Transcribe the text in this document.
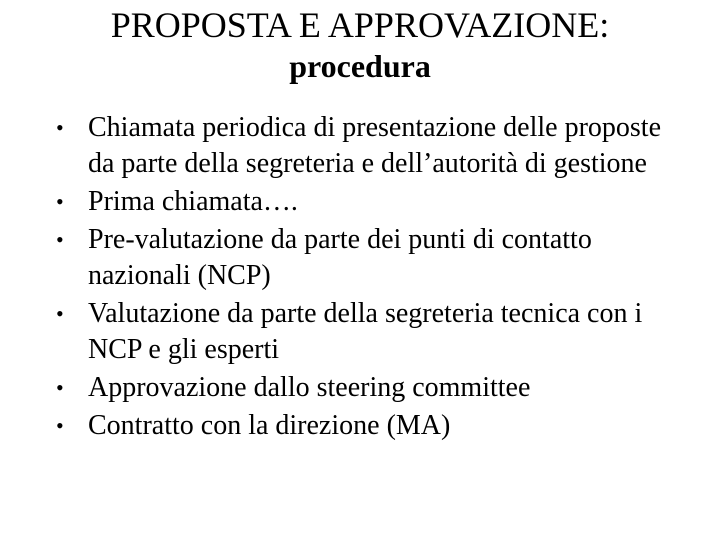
PROPOSTA E APPROVAZIONE:
procedura
• Chiamata periodica di presentazione delle proposte da parte della segreteria e dell’autorità di gestione
• Prima chiamata….
• Pre-valutazione da parte dei punti di contatto nazionali (NCP)
• Valutazione da parte della segreteria tecnica con i NCP e gli esperti
• Approvazione dallo steering committee
• Contratto con la direzione (MA)
